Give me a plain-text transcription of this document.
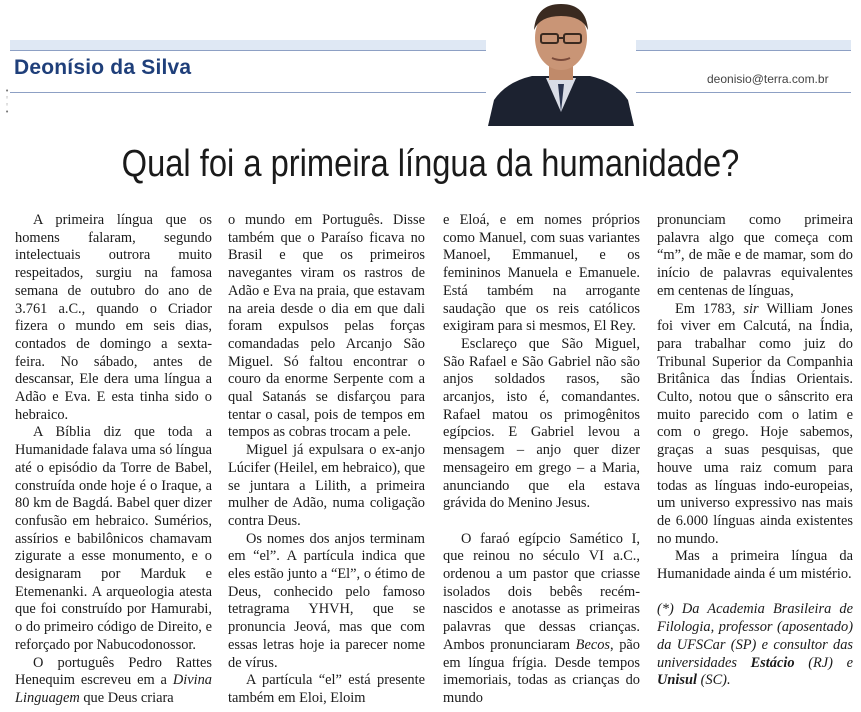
Deonísio da Silva
•
◦
◦
•
deonisio@terra.com.br
Qual foi a primeira língua da humanidade?

A primeira língua que os homens falaram, segundo intelectuais outrora muito respeitados, surgiu na famosa semana de outubro do ano de 3.761 a.C., quando o Criador fizera o mundo em seis dias, contados de domingo a sexta-feira. No sábado, antes de descansar, Ele dera uma língua a Adão e Eva. E esta tinha sido o hebraico.

A Bíblia diz que toda a Humanidade falava uma só língua até o episódio da Torre de Babel, construída onde hoje é o Iraque, a 80 km de Bagdá. Babel quer dizer confusão em hebraico. Sumérios, assírios e babilônicos chamavam zigurate a esse monumento, e o designaram por Marduk e Etemenanki. A arqueologia atesta que foi construído por Hamurabi, o do primeiro código de Direito, e reforçado por Nabucodonossor.

O português Pedro Rattes Henequim escreveu em a Divina Linguagem que Deus criara

o mundo em Português. Disse também que o Paraíso ficava no Brasil e que os primeiros navegantes viram os rastros de Adão e Eva na praia, que estavam na areia desde o dia em que dali foram expulsos pelas forças comandadas pelo Arcanjo São Miguel. Só faltou encontrar o couro da enorme Serpente com a qual Satanás se disfarçou para tentar o casal, pois de tempos em tempos as cobras trocam a pele.

Miguel já expulsara o ex-anjo Lúcifer (Heilel, em hebraico), que se juntara a Lilith, a primeira mulher de Adão, numa coligação contra Deus.

Os nomes dos anjos terminam em “el”. A partícula indica que eles estão junto a “El”, o étimo de Deus, conhecido pelo famoso tetragrama YHVH, que se pronuncia Jeová, mas que com essas letras hoje ia parecer nome de vírus.

A partícula “el” está presente também em Eloi, Eloim

e Eloá, e em nomes próprios como Manuel, com suas variantes Manoel, Emmanuel, e os femininos Manuela e Emanuele. Está também na arrogante saudação que os reis católicos exigiram para si mesmos, El Rey.

Esclareço que São Miguel, São Rafael e São Gabriel não são anjos soldados rasos, são arcanjos, isto é, comandantes. Rafael matou os primogênitos egípcios. E Gabriel levou a mensagem – anjo quer dizer mensageiro em grego – a Maria, anunciando que ela estava grávida do Menino Jesus.

O faraó egípcio Samético I, que reinou no século VI a.C., ordenou a um pastor que criasse isolados dois bebês recém-nascidos e anotasse as primeiras palavras que dessas crianças. Ambos pronunciaram Becos, pão em língua frígia. Desde tempos imemoriais, todas as crianças do mundo

pronunciam como primeira palavra algo que começa com “m”, de mãe e de mamar, som do início de palavras equivalentes em centenas de línguas,

Em 1783, sir William Jones foi viver em Calcutá, na Índia, para trabalhar como juiz do Tribunal Superior da Companhia Britânica das Índias Orientais. Culto, notou que o sânscrito era muito parecido com o latim e com o grego. Hoje sabemos, graças a suas pesquisas, que houve uma raiz comum para todas as línguas indo-europeias, um universo expressivo nas mais de 6.000 línguas ainda existentes no mundo.

Mas a primeira língua da Humanidade ainda é um mistério.

(*) Da Academia Brasileira de Filologia, professor (aposentado) da UFSCar (SP) e consultor das universidades Estácio (RJ) e Unisul (SC).
